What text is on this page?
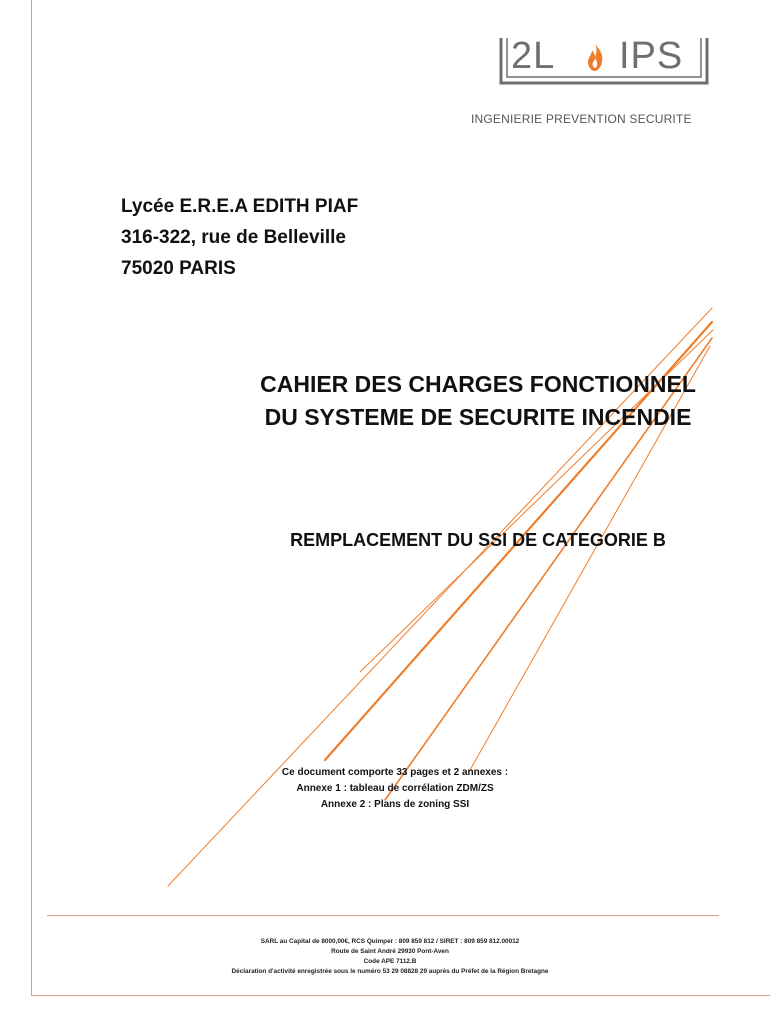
2L IPS
INGENIERIE PREVENTION SECURITE
Lycée E.R.E.A EDITH PIAF
316-322, rue de Belleville
75020 PARIS
CAHIER DES CHARGES FONCTIONNEL
DU SYSTEME DE SECURITE INCENDIE
REMPLACEMENT DU SSI DE CATEGORIE B
Ce document comporte 33 pages et 2 annexes :
Annexe 1 : tableau de corrélation ZDM/ZS
Annexe 2 : Plans de zoning SSI
SARL au Capital de 8000,00€, RCS Quimper : 809 859 812 / SIRET : 809 859 812.00012
Route de Saint André 29930 Pont-Aven
Code APE 7112.B
Déclaration d'activité enregistrée sous le numéro 53 29 08828 29 auprès du Préfet de la Région Bretagne
